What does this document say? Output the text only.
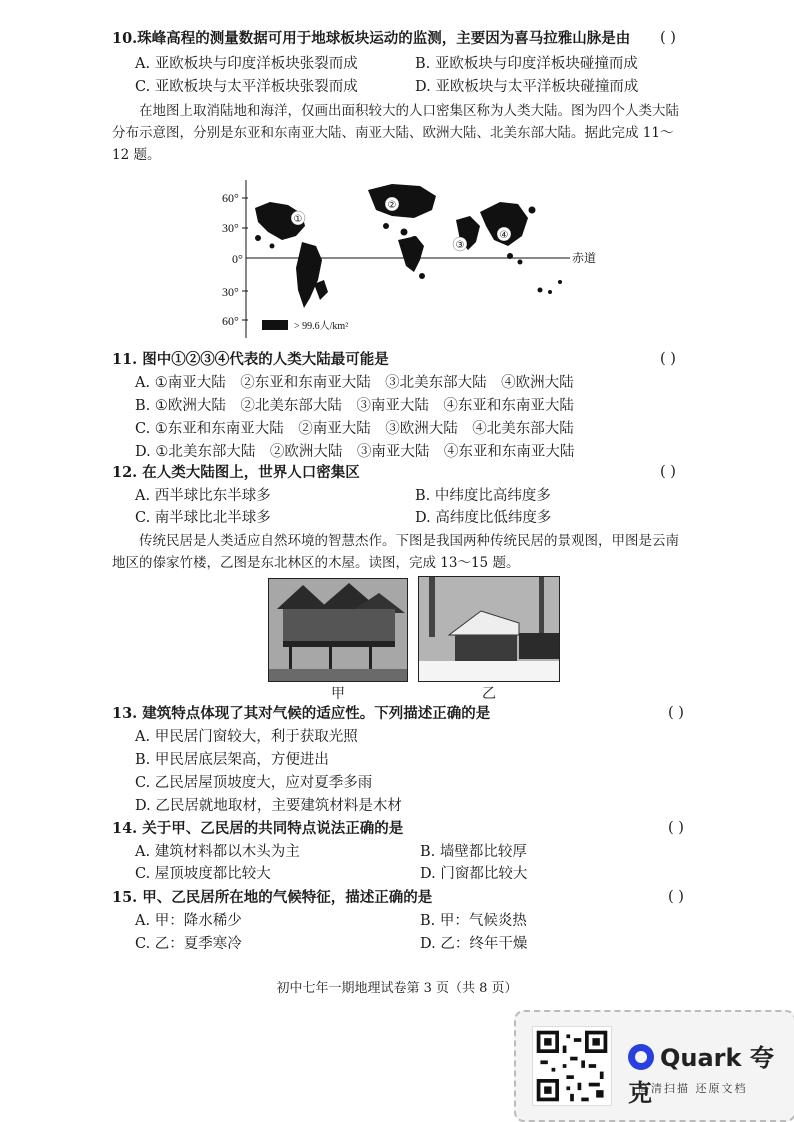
10.珠峰高程的测量数据可用于地球板块运动的监测，主要因为喜马拉雅山脉是由 ( )
A. 亚欧板块与印度洋板块张裂而成	B. 亚欧板块与印度洋板块碰撞而成
C. 亚欧板块与太平洋板块张裂而成	D. 亚欧板块与太平洋板块碰撞而成
在地图上取消陆地和海洋，仅画出面积较大的人口密集区称为人类大陆。图为四个人类大陆分布示意图，分别是东亚和东南亚大陆、南亚大陆、欧洲大陆、北美东部大陆。据此完成 11～12 题。
60°
30°
0°
30°
60°
赤道
①
②
③
④
> 99.6人/km²
11. 图中①②③④代表的人类大陆最可能是	( )
A. ①南亚大陆　②东亚和东南亚大陆　③北美东部大陆　④欧洲大陆
B. ①欧洲大陆　②北美东部大陆　③南亚大陆　④东亚和东南亚大陆
C. ①东亚和东南亚大陆　②南亚大陆　③欧洲大陆　④北美东部大陆
D. ①北美东部大陆　②欧洲大陆　③南亚大陆　④东亚和东南亚大陆
12. 在人类大陆图上，世界人口密集区	( )
A. 西半球比东半球多	B. 中纬度比高纬度多
C. 南半球比北半球多	D. 高纬度比低纬度多
传统民居是人类适应自然环境的智慧杰作。下图是我国两种传统民居的景观图，甲图是云南地区的傣家竹楼，乙图是东北林区的木屋。读图，完成 13～15 题。
甲	乙
13. 建筑特点体现了其对气候的适应性。下列描述正确的是	( )
A. 甲民居门窗较大，利于获取光照
B. 甲民居底层架高，方便进出
C. 乙民居屋顶坡度大，应对夏季多雨
D. 乙民居就地取材，主要建筑材料是木材
14. 关于甲、乙民居的共同特点说法正确的是	( )
A. 建筑材料都以木头为主	B. 墙壁都比较厚
C. 屋顶坡度都比较大	D. 门窗都比较大
15. 甲、乙民居所在地的气候特征，描述正确的是	( )
A. 甲：降水稀少	B. 甲：气候炎热
C. 乙：夏季寒冷	D. 乙：终年干燥
初中七年一期地理试卷第 3 页（共 8 页）
Quark 夸克
高清扫描 还原文档
